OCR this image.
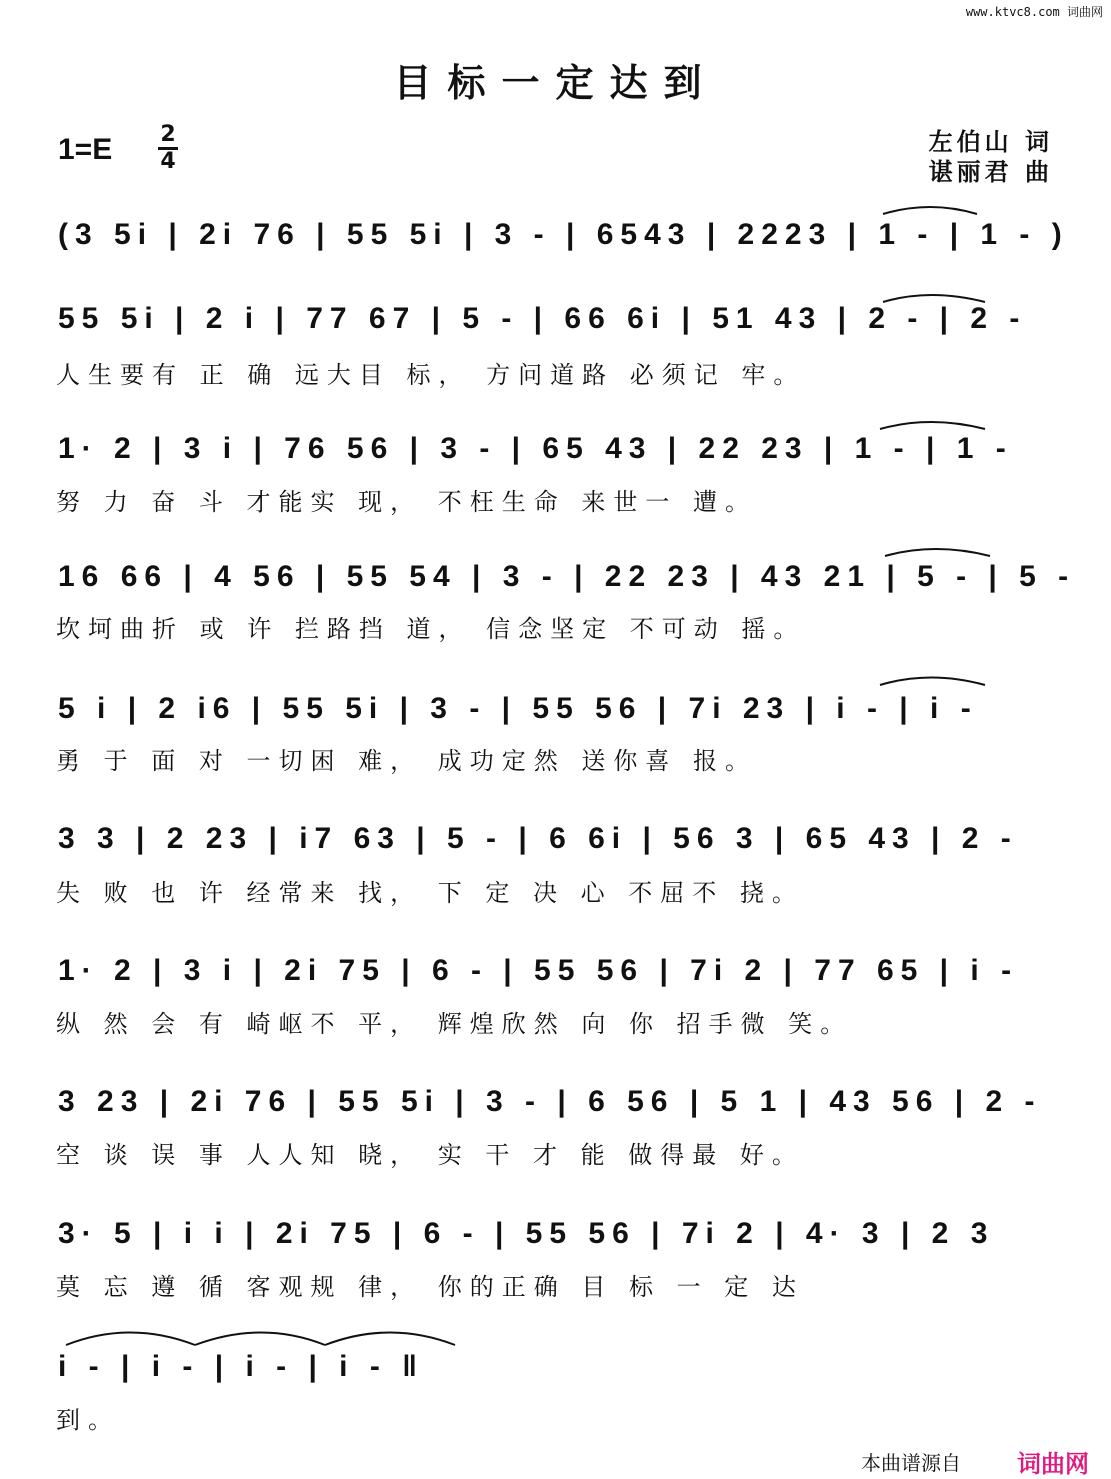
www.ktvc8.com 词曲网
目标一定达到
1=E 2
4
左伯山 词
谌丽君 曲
(3 5i | 2i 76 | 55 5i | 3 - | 6543 | 2223 | 1 - | 1 - )
55 5i | 2 i | 77 67 | 5 - | 66 6i | 51 43 | 2 - | 2 -
人生要有 正 确 远大目 标， 方问道路 必须记 牢。
1· 2 | 3 i | 76 56 | 3 - | 65 43 | 22 23 | 1 - | 1 -
努 力 奋 斗 才能实 现， 不枉生命 来世一 遭。
16 66 | 4 56 | 55 54 | 3 - | 22 23 | 43 21 | 5 - | 5 -
坎坷曲折 或 许 拦路挡 道， 信念坚定 不可动 摇。
5 i | 2 i6 | 55 5i | 3 - | 55 56 | 7i 23 | i - | i -
勇 于 面 对 一切困 难， 成功定然 送你喜 报。
3 3 | 2 23 | i7 63 | 5 - | 6 6i | 56 3 | 65 43 | 2 -
失 败 也 许 经常来 找， 下 定 决 心 不屈不 挠。
1· 2 | 3 i | 2i 75 | 6 - | 55 56 | 7i 2 | 77 65 | i -
纵 然 会 有 崎岖不 平， 辉煌欣然 向 你 招手微 笑。
3 23 | 2i 76 | 55 5i | 3 - | 6 56 | 5 1 | 43 56 | 2 -
空 谈 误 事 人人知 晓， 实 干 才 能 做得最 好。
3· 5 | i i | 2i 75 | 6 - | 55 56 | 7i 2 | 4· 3 | 2 3
莫 忘 遵 循 客观规 律， 你的正确 目 标 一 定 达
i - | i - | i - | i - ‖
到。
本曲谱源自 词曲网
